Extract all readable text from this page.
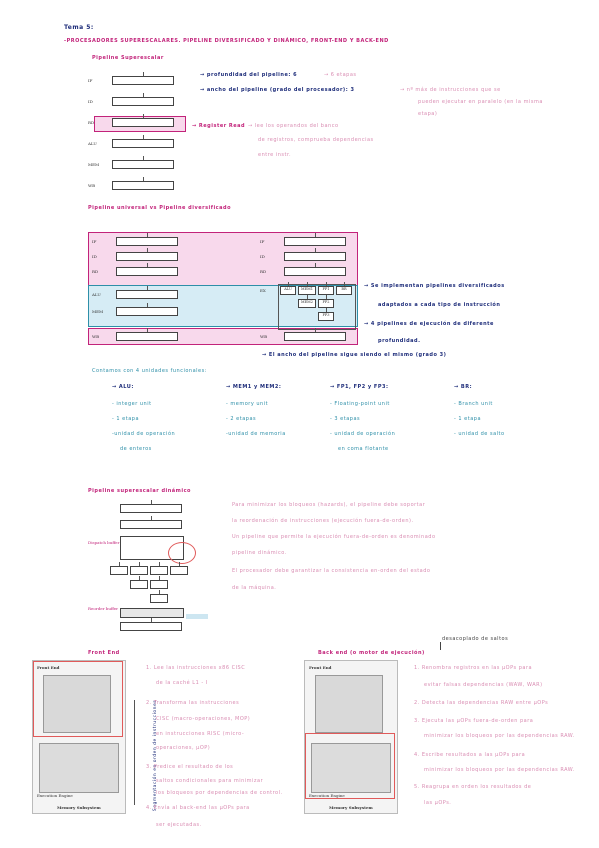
Tema 5:
-PROCESADORES SUPERESCALARES. PIPELINE DIVERSIFICADO Y DINÁMICO, FRONT-END Y BACK-END
Pipeline Superescalar
IF
ID
RD
ALU
MEM
WB
→ profundidad del pipeline: 6	→ 6 etapas
→ ancho del pipeline (grado del procesador): 3	→ nº máx de instrucciones que se
pueden ejecutar en paralelo (en la misma
etapa)
→ Register Read → lee los operandos del banco
de registros, comprueba dependencias
entre instr.
Pipeline universal vs Pipeline diversificado
IF
ID
RD
ALU
MEM
WB
IF
ID
RD
EX
WB
ALU	MEM1	FP1	BR
MEM2	FP2
FP3
→ Se implementan pipelines diversificados
adaptados a cada tipo de instrucción
→ 4 pipelines de ejecución de diferente
profundidad.
→ El ancho del pipeline sigue siendo el mismo (grado 3)
Contamos con 4 unidades funcionales:
→ ALU:
- integer unit
- 1 etapa
-unidad de operación
de enteros
→ MEM1 y MEM2:
- memory unit
- 2 etapas
-unidad de memoria
→ FP1, FP2 y FP3:
- Floating-point unit
- 3 etapas
- unidad de operación
en coma flotante
→ BR:
- Branch unit
- 1 etapa
- unidad de salto
Pipeline superescalar dinámico
Dispatch buffer
Reorder buffer
Para minimizar los bloqueos (hazards), el pipeline debe soportar
la reordenación de instrucciones (ejecución fuera-de-orden).
Un pipeline que permite la ejecución fuera-de-orden es denominado
pipeline dinámico.
El procesador debe garantizar la consistencia en-orden del estado
de la máquina.
Front End
Front End
Execution Engine
Memory Subsystem	Segmentación en orden de instrucciones
1. Lee las instrucciones x86 CISC
de la caché L1 - I
2. Transforma las instrucciones
CISC (macro-operaciones, MOP)
en instrucciones RISC (micro-
operaciones, µOP)
3. Predice el resultado de los
saltos condicionales para minimizar
los bloqueos por dependencias de control.
4. Envía al back-end las µOPs para
ser ejecutadas.
desacoplado de saltos
Back end (o motor de ejecución)
Front End
Execution Engine
Memory Subsystem
1. Renombra registros en las µOPs para
evitar falsas dependencias (WAW, WAR)
2. Detecta las dependencias RAW entre µOPs
3. Ejecuta las µOPs fuera-de-orden para
minimizar los bloqueos por las dependencias RAW.
4. Escribe resultados a las µOPs para
minimizar los bloqueos por las dependencias RAW.
5. Reagrupa en orden los resultados de
las µOPs.
